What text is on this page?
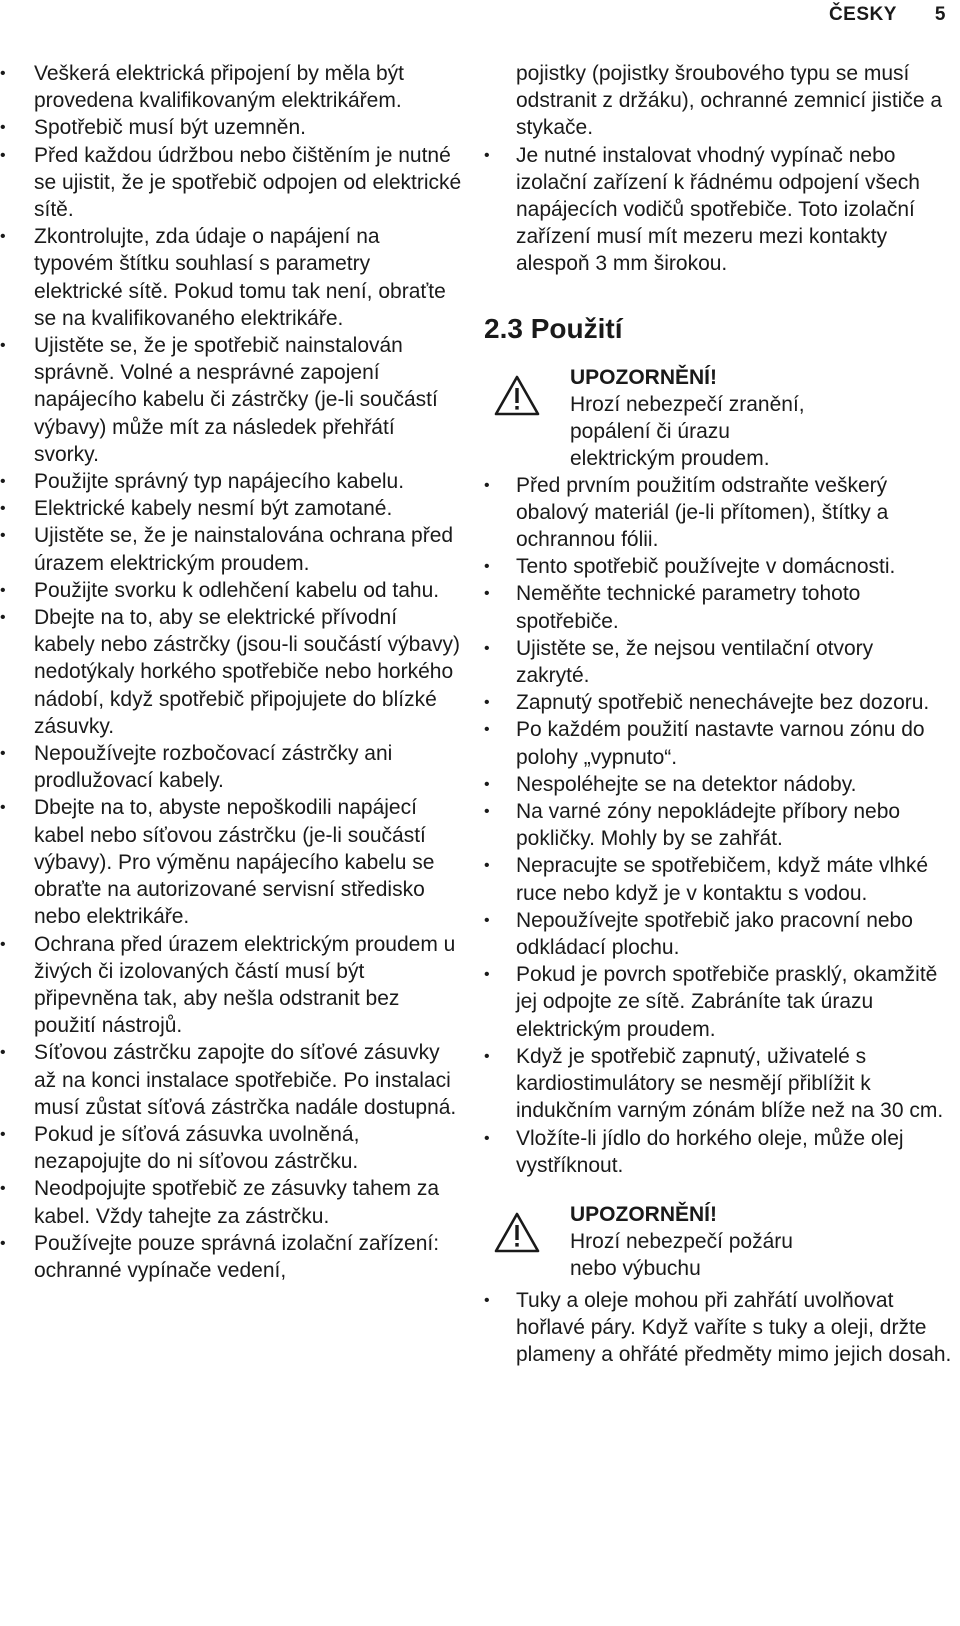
ČESKY 5
• Veškerá elektrická připojení by měla být provedena kvalifikovaným elektrikářem.
• Spotřebič musí být uzemněn.
• Před každou údržbou nebo čištěním je nutné se ujistit, že je spotřebič odpojen od elektrické sítě.
• Zkontrolujte, zda údaje o napájení na typovém štítku souhlasí s parametry elektrické sítě. Pokud tomu tak není, obraťte se na kvalifikovaného elektrikáře.
• Ujistěte se, že je spotřebič nainstalován správně. Volné a nesprávné zapojení napájecího kabelu či zástrčky (je-li součástí výbavy) může mít za následek přehřátí svorky.
• Použijte správný typ napájecího kabelu.
• Elektrické kabely nesmí být zamotané.
• Ujistěte se, že je nainstalována ochrana před úrazem elektrickým proudem.
• Použijte svorku k odlehčení kabelu od tahu.
• Dbejte na to, aby se elektrické přívodní kabely nebo zástrčky (jsou-li součástí výbavy) nedotýkaly horkého spotřebiče nebo horkého nádobí, když spotřebič připojujete do blízké zásuvky.
• Nepoužívejte rozbočovací zástrčky ani prodlužovací kabely.
• Dbejte na to, abyste nepoškodili napájecí kabel nebo síťovou zástrčku (je-li součástí výbavy). Pro výměnu napájecího kabelu se obraťte na autorizované servisní středisko nebo elektrikáře.
• Ochrana před úrazem elektrickým proudem u živých či izolovaných částí musí být připevněna tak, aby nešla odstranit bez použití nástrojů.
• Síťovou zástrčku zapojte do síťové zásuvky až na konci instalace spotřebiče. Po instalaci musí zůstat síťová zástrčka nadále dostupná.
• Pokud je síťová zásuvka uvolněná, nezapojujte do ni síťovou zástrčku.
• Neodpojujte spotřebič ze zásuvky tahem za kabel. Vždy tahejte za zástrčku.
• Používejte pouze správná izolační zařízení: ochranné vypínače vedení,
pojistky (pojistky šroubového typu se musí odstranit z držáku), ochranné zemnicí jističe a stykače.
• Je nutné instalovat vhodný vypínač nebo izolační zařízení k řádnému odpojení všech napájecích vodičů spotřebiče. Toto izolační zařízení musí mít mezeru mezi kontakty alespoň 3 mm širokou.
2.3 Použití
UPOZORNĚNÍ!
Hrozí nebezpečí zranění,
popálení či úrazu
elektrickým proudem.
• Před prvním použitím odstraňte veškerý obalový materiál (je-li přítomen), štítky a ochrannou fólii.
• Tento spotřebič používejte v domácnosti.
• Neměňte technické parametry tohoto spotřebiče.
• Ujistěte se, že nejsou ventilační otvory zakryté.
• Zapnutý spotřebič nenechávejte bez dozoru.
• Po každém použití nastavte varnou zónu do polohy „vypnuto“.
• Nespoléhejte se na detektor nádoby.
• Na varné zóny nepokládejte příbory nebo pokličky. Mohly by se zahřát.
• Nepracujte se spotřebičem, když máte vlhké ruce nebo když je v kontaktu s vodou.
• Nepoužívejte spotřebič jako pracovní nebo odkládací plochu.
• Pokud je povrch spotřebiče prasklý, okamžitě jej odpojte ze sítě. Zabráníte tak úrazu elektrickým proudem.
• Když je spotřebič zapnutý, uživatelé s kardiostimulátory se nesmějí přiblížit k indukčním varným zónám blíže než na 30 cm.
• Vložíte-li jídlo do horkého oleje, může olej vystříknout.
UPOZORNĚNÍ!
Hrozí nebezpečí požáru
nebo výbuchu
• Tuky a oleje mohou při zahřátí uvolňovat hořlavé páry. Když vaříte s tuky a oleji, držte plameny a ohřáté předměty mimo jejich dosah.
